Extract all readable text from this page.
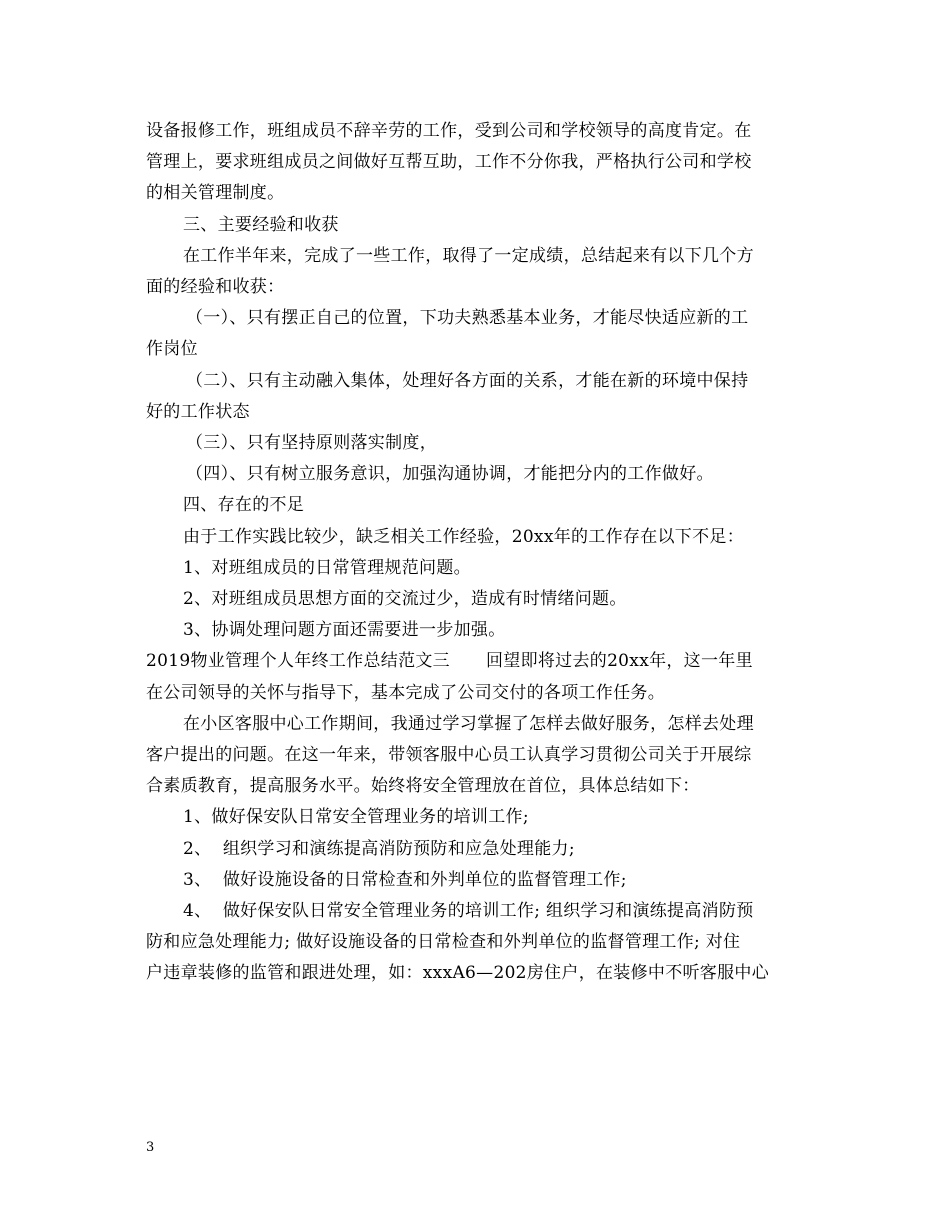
设备报修工作，班组成员不辞辛劳的工作，受到公司和学校领导的高度肯定。在

管理上，要求班组成员之间做好互帮互助，工作不分你我，严格执行公司和学校

的相关管理制度。

三、主要经验和收获

在工作半年来，完成了一些工作，取得了一定成绩，总结起来有以下几个方

面的经验和收获：

（一）、只有摆正自己的位置，下功夫熟悉基本业务，才能尽快适应新的工

作岗位

（二）、只有主动融入集体，处理好各方面的关系，才能在新的环境中保持

好的工作状态

（三）、只有坚持原则落实制度，

（四）、只有树立服务意识，加强沟通协调，才能把分内的工作做好。

四、存在的不足

由于工作实践比较少，缺乏相关工作经验，20xx年的工作存在以下不足：

1、对班组成员的日常管理规范问题。

2、对班组成员思想方面的交流过少，造成有时情绪问题。

3、协调处理问题方面还需要进一步加强。

2019物业管理个人年终工作总结范文三 回望即将过去的20xx年，这一年里

在公司领导的关怀与指导下，基本完成了公司交付的各项工作任务。

在小区客服中心工作期间，我通过学习掌握了怎样去做好服务，怎样去处理

客户提出的问题。在这一年来，带领客服中心员工认真学习贯彻公司关于开展综

合素质教育，提高服务水平。始终将安全管理放在首位，具体总结如下：

1、做好保安队日常安全管理业务的培训工作;

2、  组织学习和演练提高消防预防和应急处理能力;

3、  做好设施设备的日常检查和外判单位的监督管理工作;

4、  做好保安队日常安全管理业务的培训工作; 组织学习和演练提高消防预

防和应急处理能力; 做好设施设备的日常检查和外判单位的监督管理工作; 对住

户违章装修的监管和跟进处理，如：xxxA6—202房住户，在装修中不听客服中心

3
